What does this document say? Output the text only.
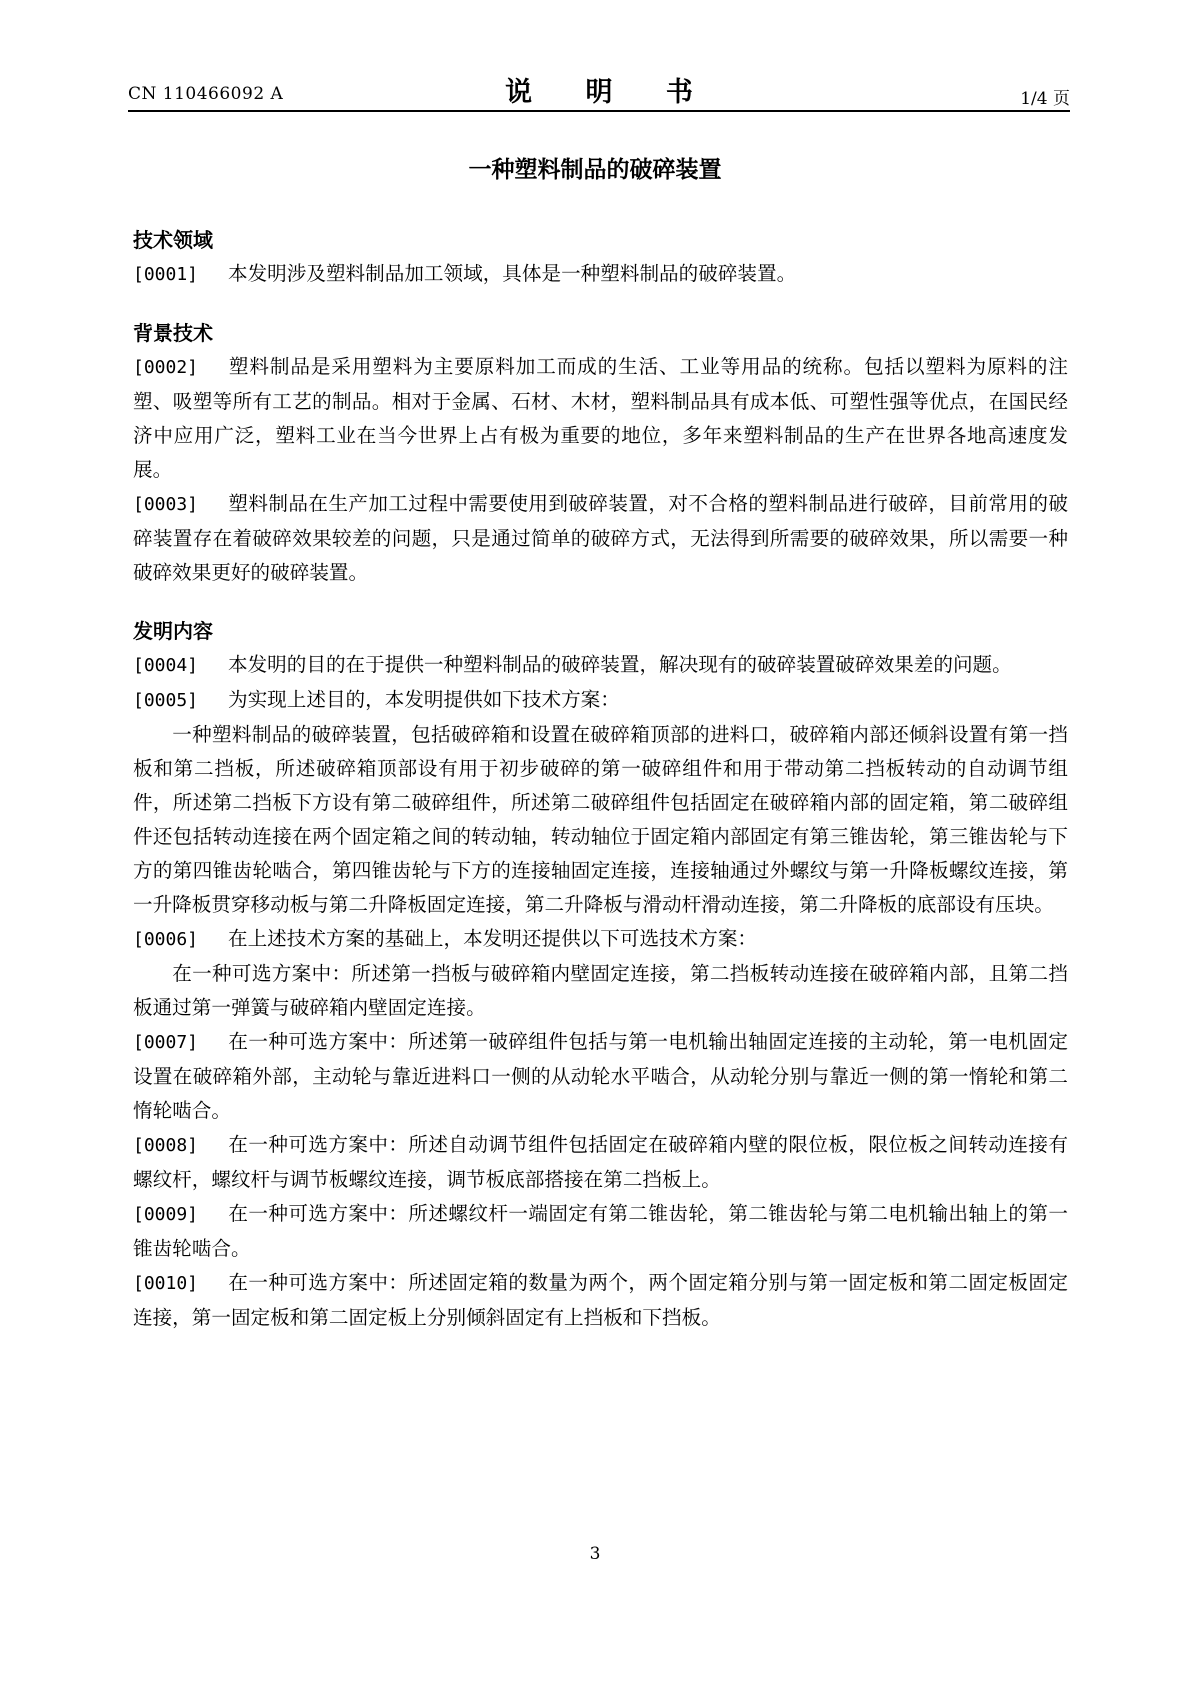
CN 110466092 A	说 明 书	1/4 页
一种塑料制品的破碎装置
技术领域

[0001] 本发明涉及塑料制品加工领域，具体是一种塑料制品的破碎装置。

背景技术

[0002] 塑料制品是采用塑料为主要原料加工而成的生活、工业等用品的统称。包括以塑料为原料的注塑、吸塑等所有工艺的制品。相对于金属、石材、木材，塑料制品具有成本低、可塑性强等优点，在国民经济中应用广泛，塑料工业在当今世界上占有极为重要的地位，多年来塑料制品的生产在世界各地高速度发展。

[0003] 塑料制品在生产加工过程中需要使用到破碎装置，对不合格的塑料制品进行破碎，目前常用的破碎装置存在着破碎效果较差的问题，只是通过简单的破碎方式，无法得到所需要的破碎效果，所以需要一种破碎效果更好的破碎装置。

发明内容

[0004] 本发明的目的在于提供一种塑料制品的破碎装置，解决现有的破碎装置破碎效果差的问题。

[0005] 为实现上述目的，本发明提供如下技术方案：

一种塑料制品的破碎装置，包括破碎箱和设置在破碎箱顶部的进料口，破碎箱内部还倾斜设置有第一挡板和第二挡板，所述破碎箱顶部设有用于初步破碎的第一破碎组件和用于带动第二挡板转动的自动调节组件，所述第二挡板下方设有第二破碎组件，所述第二破碎组件包括固定在破碎箱内部的固定箱，第二破碎组件还包括转动连接在两个固定箱之间的转动轴，转动轴位于固定箱内部固定有第三锥齿轮，第三锥齿轮与下方的第四锥齿轮啮合，第四锥齿轮与下方的连接轴固定连接，连接轴通过外螺纹与第一升降板螺纹连接，第一升降板贯穿移动板与第二升降板固定连接，第二升降板与滑动杆滑动连接，第二升降板的底部设有压块。

[0006] 在上述技术方案的基础上，本发明还提供以下可选技术方案：

在一种可选方案中：所述第一挡板与破碎箱内壁固定连接，第二挡板转动连接在破碎箱内部，且第二挡板通过第一弹簧与破碎箱内壁固定连接。

[0007] 在一种可选方案中：所述第一破碎组件包括与第一电机输出轴固定连接的主动轮，第一电机固定设置在破碎箱外部，主动轮与靠近进料口一侧的从动轮水平啮合，从动轮分别与靠近一侧的第一惰轮和第二惰轮啮合。

[0008] 在一种可选方案中：所述自动调节组件包括固定在破碎箱内壁的限位板，限位板之间转动连接有螺纹杆，螺纹杆与调节板螺纹连接，调节板底部搭接在第二挡板上。

[0009] 在一种可选方案中：所述螺纹杆一端固定有第二锥齿轮，第二锥齿轮与第二电机输出轴上的第一锥齿轮啮合。

[0010] 在一种可选方案中：所述固定箱的数量为两个，两个固定箱分别与第一固定板和第二固定板固定连接，第一固定板和第二固定板上分别倾斜固定有上挡板和下挡板。

3
